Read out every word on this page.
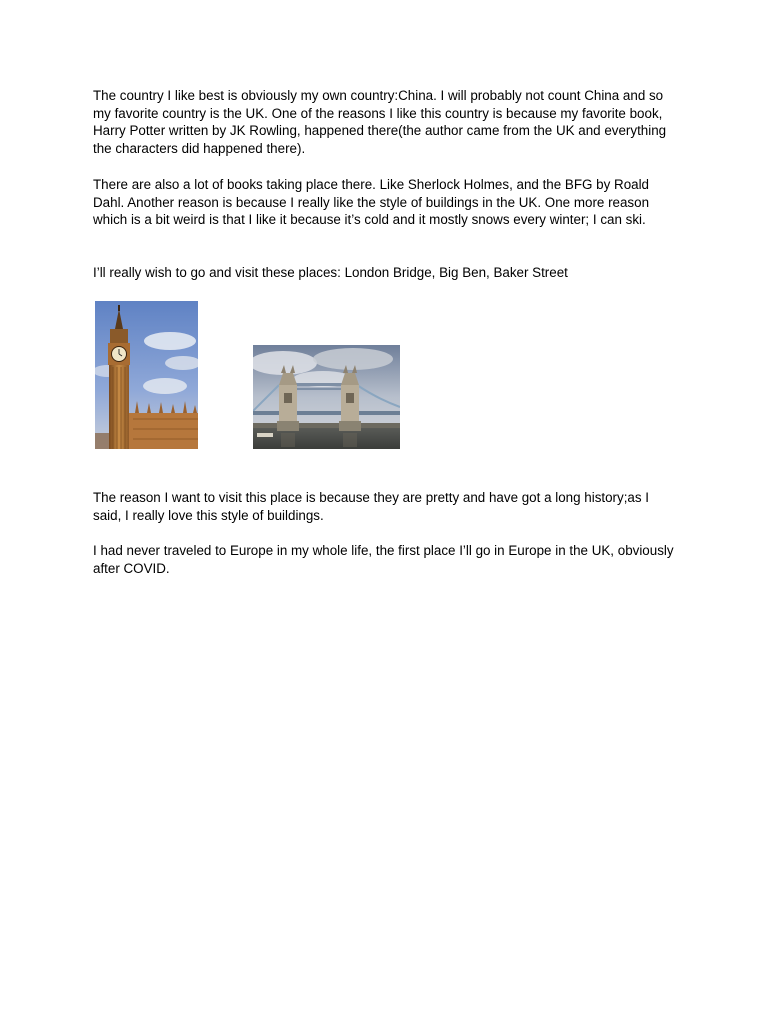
The country I like best is obviously my own country:China. I will probably not count China and so my favorite country is the UK. One of the reasons I like this country is because my favorite book, Harry Potter written by JK Rowling, happened there(the author came from the UK and everything the characters did happened there).

There are also a lot of books taking place there. Like Sherlock Holmes, and the BFG by Roald Dahl. Another reason is because I really like the style of buildings in the UK. One more reason which is a bit weird is that I like it because it’s cold and it mostly snows every winter; I can ski.

I’ll really wish to go and visit these places: London Bridge, Big Ben, Baker Street

The reason I want to visit this place is because they are pretty and have got a long history;as I said, I really love this style of buildings.

I had never traveled to Europe in my whole life, the first place I’ll go in Europe in the UK, obviously after COVID.
